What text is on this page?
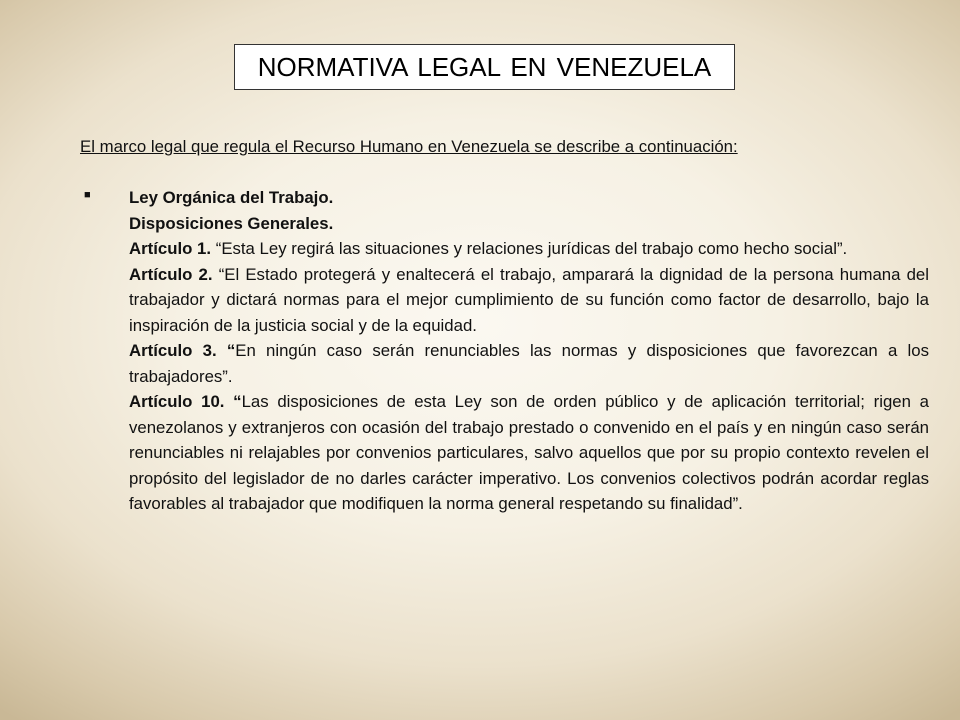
NORMATIVA LEGAL EN VENEZUELA
El marco legal que regula el Recurso Humano en Venezuela se describe a continuación:
■ Ley Orgánica del Trabajo.
Disposiciones Generales.

Artículo 1. “Esta Ley regirá las situaciones y relaciones jurídicas del trabajo como hecho social”.

Artículo 2. “El Estado protegerá y enaltecerá el trabajo, amparará la dignidad de la persona humana del trabajador y dictará normas para el mejor cumplimiento de su función como factor de desarrollo, bajo la inspiración de la justicia social y de la equidad.

Artículo 3. “En ningún caso serán renunciables las normas y disposiciones que favorezcan a los trabajadores”.

Artículo 10. “Las disposiciones de esta Ley son de orden público y de aplicación territorial; rigen a venezolanos y extranjeros con ocasión del trabajo prestado o convenido en el país y en ningún caso serán renunciables ni relajables por convenios particulares, salvo aquellos que por su propio contexto revelen el propósito del legislador de no darles carácter imperativo. Los convenios colectivos podrán acordar reglas favorables al trabajador que modifiquen la norma general respetando su finalidad”.
